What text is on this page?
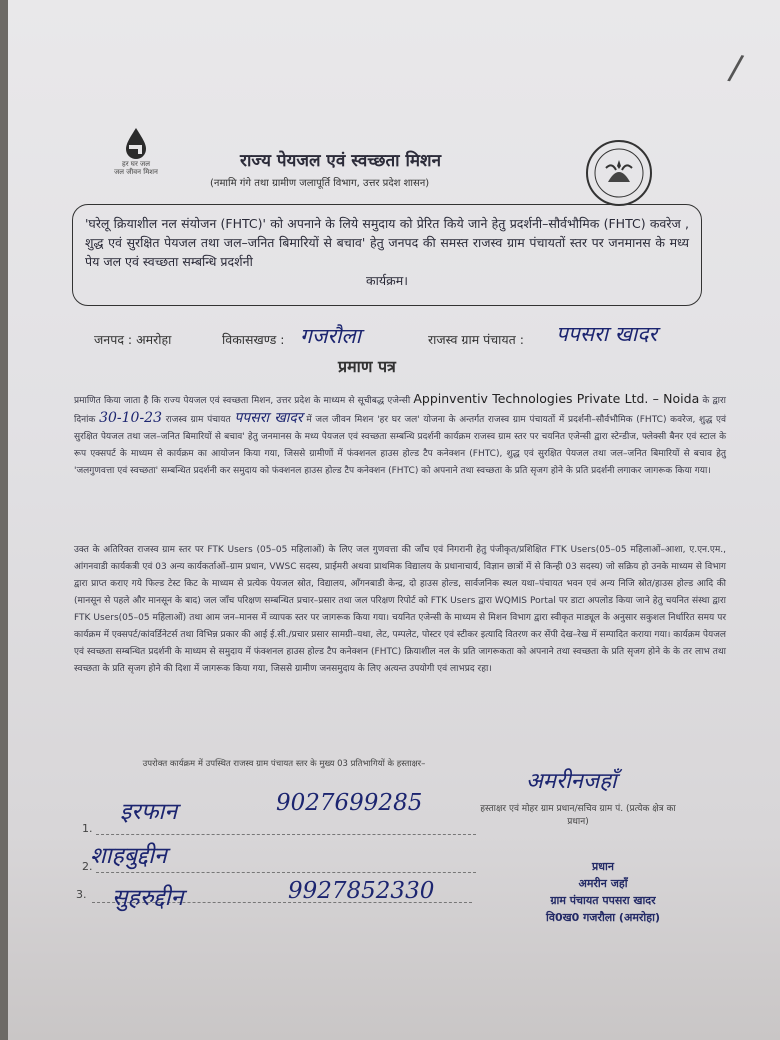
/
हर घर जल
जल जीवन मिशन
राज्य पेयजल एवं स्वच्छता मिशन
(नमामि गंगे तथा ग्रामीण जलापूर्ति विभाग, उत्तर प्रदेश शासन)
'घरेलू क्रियाशील नल संयोजन (FHTC)' को अपनाने के लिये समुदाय को प्रेरित किये जाने हेतु प्रदर्शनी–सौर्वभौमिक (FHTC) कवरेज , शुद्ध एवं सुरक्षित पेयजल तथा जल–जनित बिमारियों से बचाव' हेतु जनपद की समस्त राजस्व ग्राम पंचायतों स्तर पर जनमानस के मध्य पेय जल एवं स्वच्छता सम्बन्धि प्रदर्शनी
कार्यक्रम।
जनपद : अमरोहा	विकासखण्ड : गजरौला	राजस्व ग्राम पंचायत : पपसरा खादर
प्रमाण पत्र
प्रमाणित किया जाता है कि राज्य पेयजल एवं स्वच्छता मिशन, उत्तर प्रदेश के माध्यम से सूचीबद्ध एजेन्सी Appinventiv Technologies Private Ltd. – Noida के द्वारा दिनांक 30-10-23 राजस्व ग्राम पंचायत पपसरा खादर में जल जीवन मिशन 'हर घर जल' योजना के अन्तर्गत राजस्व ग्राम पंचायतों में प्रदर्शनी–सौर्वभौमिक (FHTC) कवरेज, शुद्ध एवं सुरक्षित पेयजल तथा जल–जनित बिमारियों से बचाव' हेतु जनमानस के मध्य पेयजल एवं स्वच्छता सम्बन्धि प्रदर्शनी कार्यक्रम राजस्व ग्राम स्तर पर चयनित एजेन्सी द्वारा स्टेन्डीज, फ्लेक्सी बैनर एवं स्टाल के रूप एक्सपर्ट के माध्यम से कार्यक्रम का आयोजन किया गया, जिससे ग्रामीणों में फंक्शनल हाउस होल्ड टैप कनेक्शन (FHTC), शुद्ध एवं सुरक्षित पेयजल तथा जल–जनित बिमारियों से बचाव हेतु 'जलगुणवत्ता एवं स्वच्छता' सम्बन्धित प्रदर्शनी कर समुदाय को फंक्शनल हाउस होल्ड टैप कनेक्शन (FHTC) को अपनाने तथा स्वच्छता के प्रति सृजग होने के प्रति प्रदर्शनी लगाकर जागरूक किया गया।
उक्त के अतिरिक्त राजस्व ग्राम स्तर पर FTK Users (05–05 महिलाओं) के लिए जल गुणवत्ता की जाँच एवं निगरानी हेतु पंजीकृत/प्रशिक्षित FTK Users(05–05 महिलाओं–आशा, ए.एन.एम., आंगनवाडी कार्यकत्री एवं 03 अन्य कार्यकर्ताओं–ग्राम प्रधान, VWSC सदस्य, प्राईमरी अथवा प्राथमिक विद्यालय के प्रधानाचार्य, विज्ञान छात्रों में से किन्ही 03 सदस्य) जो सक्रिय हो उनके माध्यम से विभाग द्वारा प्राप्त कराए गये फिल्ड टेस्ट किट के माध्यम से प्रत्येक पेयजल स्रोत, विद्यालय, आँगनबाडी केन्द्र, दो हाउस होल्ड, सार्वजनिक स्थल यथा–पंचायत भवन एवं अन्य निजि स्रोत/हाउस होल्ड आदि की (मानसून से पहले और मानसून के बाद) जल जाँच परिक्षण सम्बन्धित प्रचार–प्रसार तथा जल परिक्षण रिपोर्ट को FTK Users द्वारा WQMIS Portal पर डाटा अपलोड किया जाने हेतु चयनित संस्था द्वारा FTK Users(05–05 महिलाओं) तथा आम जन–मानस में व्यापक स्तर पर जागरूक किया गया। चयनित एजेन्सी के माध्यम से मिशन विभाग द्वारा स्वीकृत माड्यूल के अनुसार सकुशल निर्धारित समय पर कार्यक्रम में एक्सपर्ट/कांवर्डिनेटर्स तथा विभिन्न प्रकार की आई ई.सी./प्रचार प्रसार सामग्री–यथा, लेट, पम्पलेट, पोस्टर एवं स्टीकर इत्यादि वितरण कर सेंपी देख–रेख में सम्पादित कराया गया। कार्यक्रम पेयजल एवं स्वच्छता सम्बन्धित प्रदर्शनी के माध्यम से समुदाय में फंक्शनल हाउस होल्ड टैप कनेक्शन (FHTC) क्रियाशील नल के प्रति जागरूकता को अपनाने तथा स्वच्छता के प्रति सृजग होने के के तर लाभ तथा स्वच्छता के प्रति सृजग होने की दिशा में जागरूक किया गया, जिससे ग्रामीण जनसमुदाय के लिए अत्यन्त उपयोगी एवं लाभप्रद रहा।
उपरोक्त कार्यक्रम में उपस्थित राजस्व ग्राम पंचायत स्तर के मुख्य 03 प्रतिभागियों के हस्ताक्षर–
अमरीनजहाँ
हस्ताक्षर एवं मोहर ग्राम प्रधान/सचिव ग्राम पं. (प्रत्येक क्षेत्र का प्रधान)
1.
इरफान	9027699285
2.
शाहबुद्दीन
3. सुहरुद्दीन	9927852330
प्रधान
अमरीन जहाँ
ग्राम पंचायत पपसरा खादर
वि0ख0 गजरौला (अमरोहा)
